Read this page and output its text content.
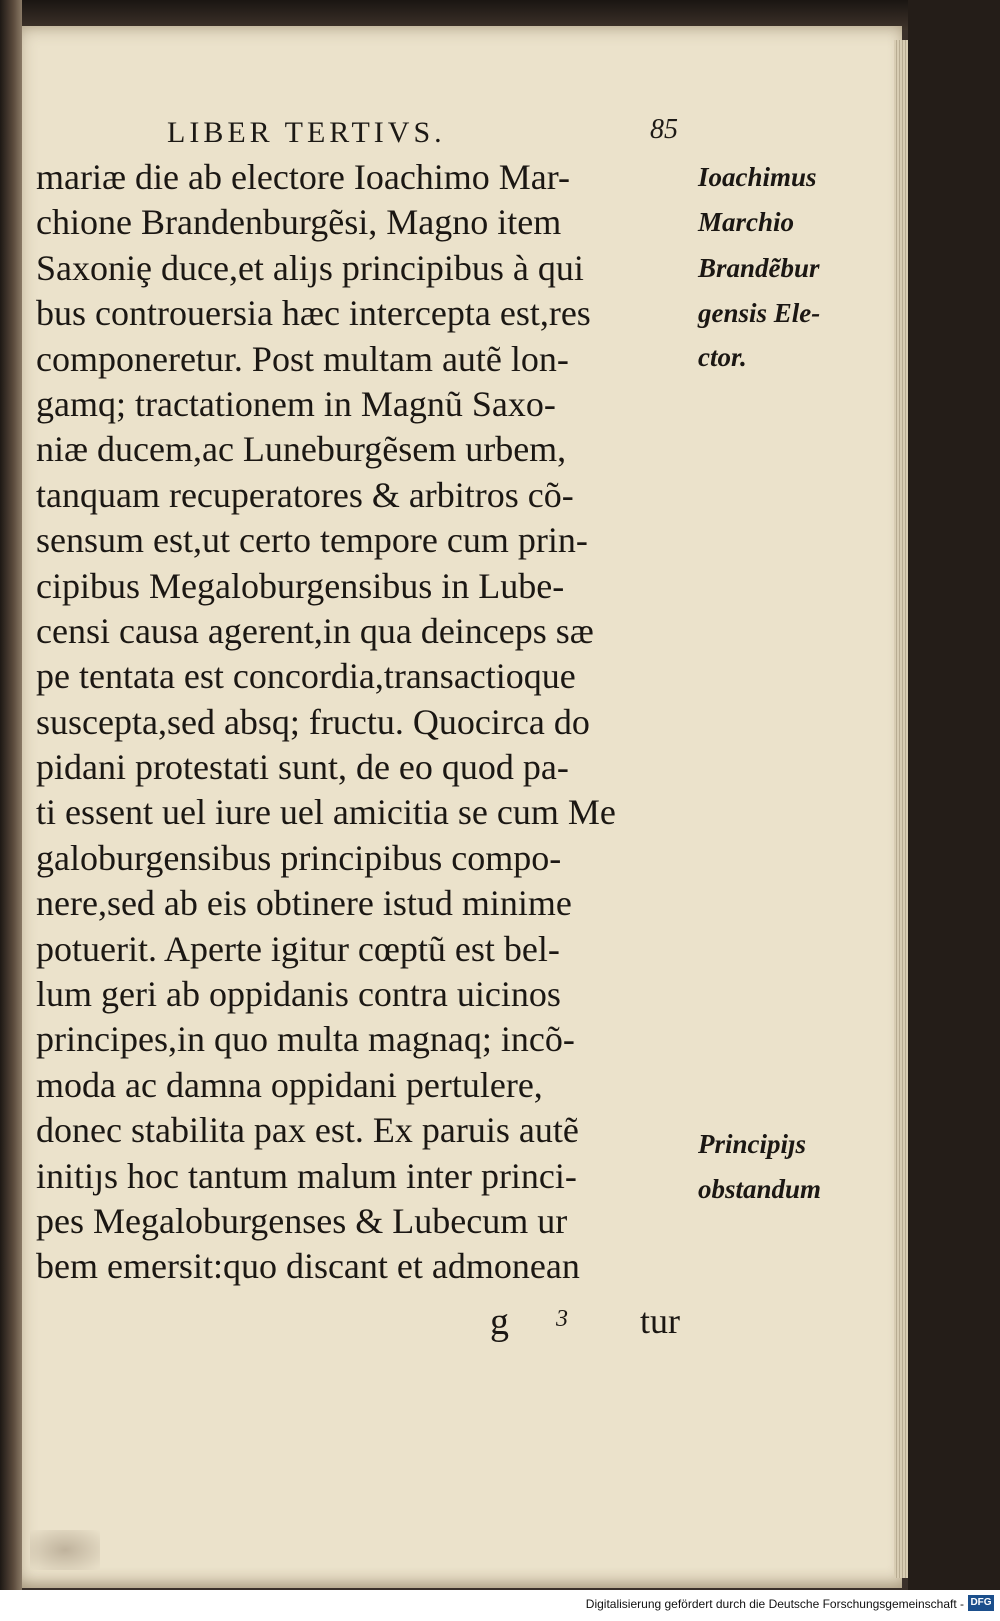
LIBER TERTIVS.	85
mariæ die ab electore Ioachimo Mar-
chione Brandenburgẽsi, Magno item
Saxoniȩ duce,et aliȷs principibus à qui
bus controuersia hæc intercepta est,res
componeretur. Post multam autẽ lon-
gamq; tractationem in Magnũ Saxo-
niæ ducem,ac Luneburgẽsem urbem,
tanquam recuperatores & arbitros cõ-
sensum est,ut certo tempore cum prin-
cipibus Megaloburgensibus in Lube-
censi causa agerent,in qua deinceps sæ
pe tentata est concordia,transactioque
suscepta,sed absq; fructu. Quocirca do
pidani protestati sunt, de eo quod pa-
ti essent uel iure uel amicitia se cum Me
galoburgensibus principibus compo-
nere,sed ab eis obtinere istud minime
potuerit. Aperte igitur cœptũ est bel-
lum geri ab oppidanis contra uicinos
principes,in quo multa magnaq; incõ-
moda ac damna oppidani pertulere,
donec stabilita pax est. Ex paruis autẽ
initiȷs hoc tantum malum inter princi-
pes Megaloburgenses & Lubecum ur
bem emersit:quo discant et admonean
Ioachimus
Marchio
Brandẽbur
gensis Ele-
ctor.
Principiȷs
obstandum
g 3 tur
Digitalisierung gefördert durch die Deutsche Forschungsgemeinschaft - DFG
